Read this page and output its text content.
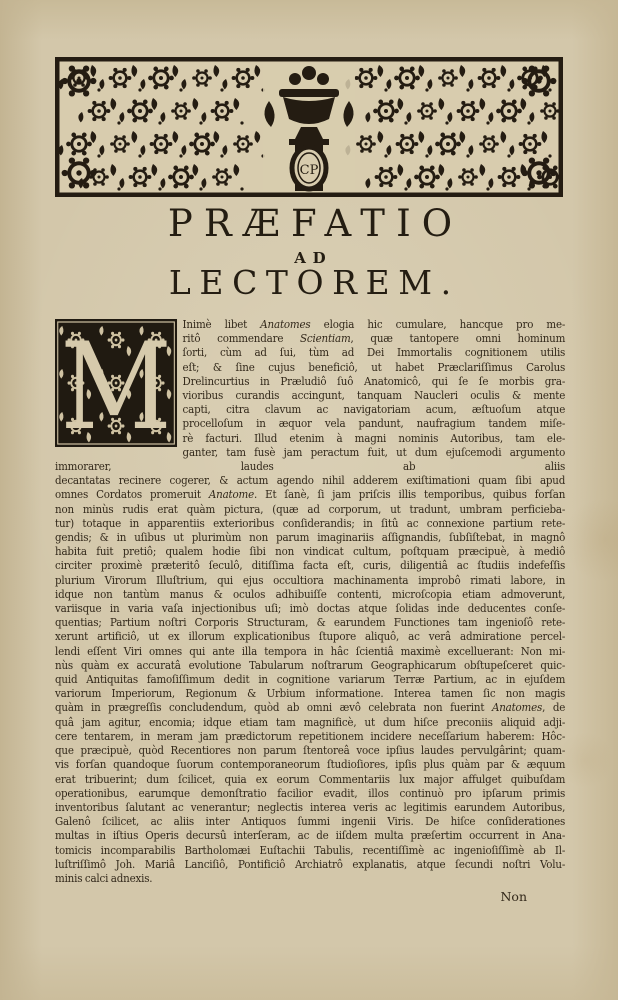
CP
PRÆFATIO
AD
LECTOREM.
M Inimè libet Anatomes elogia hic cumulare, hancque pro me-
ritô commendare Scientiam, quæ tantopere omni hominum
ſorti, cùm ad ſui, tùm ad Dei Immortalis cognitionem utilis
eſt; & ſine cujus beneficiô, ut habet Præclariſſimus Carolus
Drelincurtius in Præludiô ſuô Anatomicô, qui ſe ſe morbis gra-
vioribus curandis accingunt, tanquam Naucleri oculis & mente
capti, citra clavum ac navigatoriam acum, æſtuoſum atque
procelloſum in æquor vela pandunt, naufragium tandem miſe-
rè facturi. Illud etenim à magni nominis Autoribus, tam ele-
ganter, tam fusè jam peractum fuit, ut dum ejuſcemodi argumento immorarer, laudes ab aliis
decantatas recinere cogerer, & actum agendo nihil adderem exiſtimationi quam ſibi apud
omnes Cordatos promeruit Anatome. Et ſanè, ſi jam priſcis illis temporibus, quibus forſan
non minùs rudis erat quàm pictura, (quæ ad corporum, ut tradunt, umbram perficieba-
tur) totaque in apparentiis exterioribus conſiderandis; in ſitû ac connexione partium rete-
gendis; & in uſibus ut plurimùm non parum imaginariis aſſignandis, ſubſiſtebat, in magnô
habita fuit pretiô; qualem hodie ſibi non vindicat cultum, poſtquam præcipuè, à mediô
circiter proximè præteritô ſeculô, ditiſſima facta eſt, curis, diligentiâ ac ſtudiis indefeſſis
plurium Virorum Illuſtrium, qui ejus occultiora machinamenta improbô rimati labore, in
idque non tantùm manus & oculos adhibuiſſe contenti, microſcopia etiam admoverunt,
variisque in varia vaſa injectionibus uſi; imò doctas atque ſolidas inde deducentes conſe-
quentias; Partium noſtri Corporis Structuram, & earundem Functiones tam ingenioſô rete-
xerunt artificiô, ut ex illorum explicationibus ſtupore aliquô, ac verâ admiratione percel-
lendi eſſent Viri omnes qui ante illa tempora in hâc ſcientiâ maximè excelluerant: Non mi-
nùs quàm ex accuratâ evolutione Tabularum noſtrarum Geographicarum obſtupeſceret quic-
quid Antiquitas famoſiſſimum dedit in cognitione variarum Terræ Partium, ac in ejuſdem
variorum Imperiorum, Regionum & Urbium informatione. Interea tamen ſic non magis
quàm in prægreſſis concludendum, quòd ab omni ævô celebrata non fuerint Anatomes, de
quâ jam agitur, encomia; idque etiam tam magnificè, ut dum hiſce preconiis aliquid adji-
cere tentarem, in meram jam prædictorum repetitionem incidere neceſſarium haberem: Hôc-
que præcipuè, quòd Recentiores non parum ſtentoreâ voce ipſius laudes pervulgârint; quam-
vis forſan quandoque ſuorum contemporaneorum ſtudioſiores, ipſis plus quàm par & æquum
erat tribuerint; dum ſcilicet, quia ex eorum Commentariis lux major affulget quibuſdam
operationibus, earumque demonſtratio facilior evadit, illos continuò pro ipſarum primis
inventoribus ſalutant ac venerantur; neglectis interea veris ac legitimis earundem Autoribus,
Galenô ſcilicet, ac aliis inter Antiquos ſummi ingenii Viris. De hiſce conſiderationes
multas in iſtius Operis decursû interſeram, ac de iiſdem multa præſertim occurrent in Ana-
tomicis incomparabilis Bartholomæi Euſtachii Tabulis, recentiſſimè ac ingenioſiſſimè ab Il-
luſtriſſimô Joh. Mariâ Lanciſiô, Pontificiô Archiatrô explanatis, atque ſecundi noſtri Volu-
minis calci adnexis.
Non
